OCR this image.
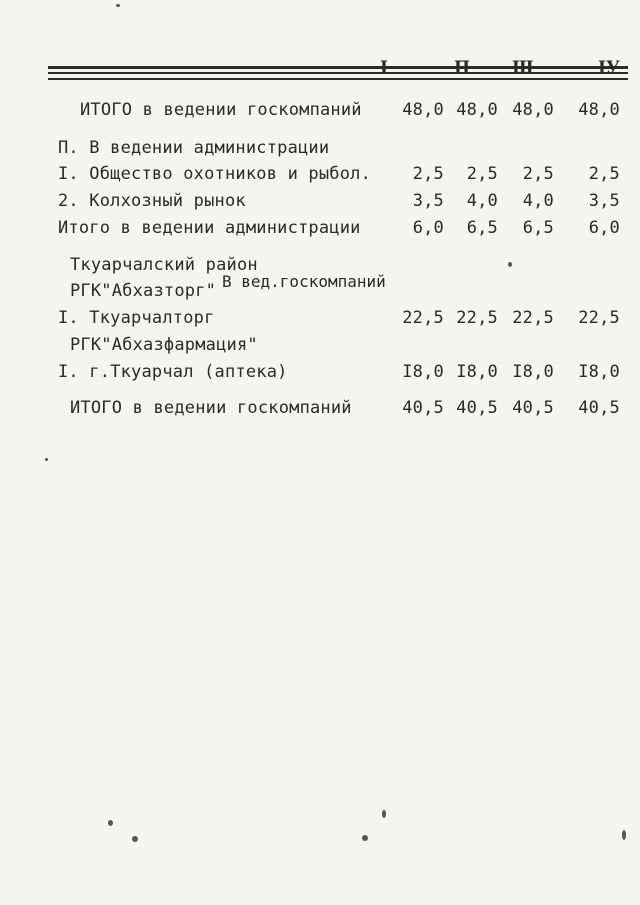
I	П Ш	IУ
ИТОГО в ведении госкомпаний	48,0 48,0 48,0	48,0
П. В ведении администрации
I. Общество охотников и рыбол.	2,5	2,5	2,5	2,5
2. Колхозный рынок	3,5	4,0	4,0	3,5
Итого в ведении администрации	6,0	6,5	6,5	6,0
Ткуарчалский район
РГК"Абхазторг" В вед.госкомпаний
I. Ткуарчалторг	22,5 22,5 22,5	22,5
РГК"Абхазфармация"
I. г.Ткуарчал (аптека)	I8,0 I8,0 I8,0	I8,0
ИТОГО в ведении госкомпаний	40,5 40,5 40,5	40,5
